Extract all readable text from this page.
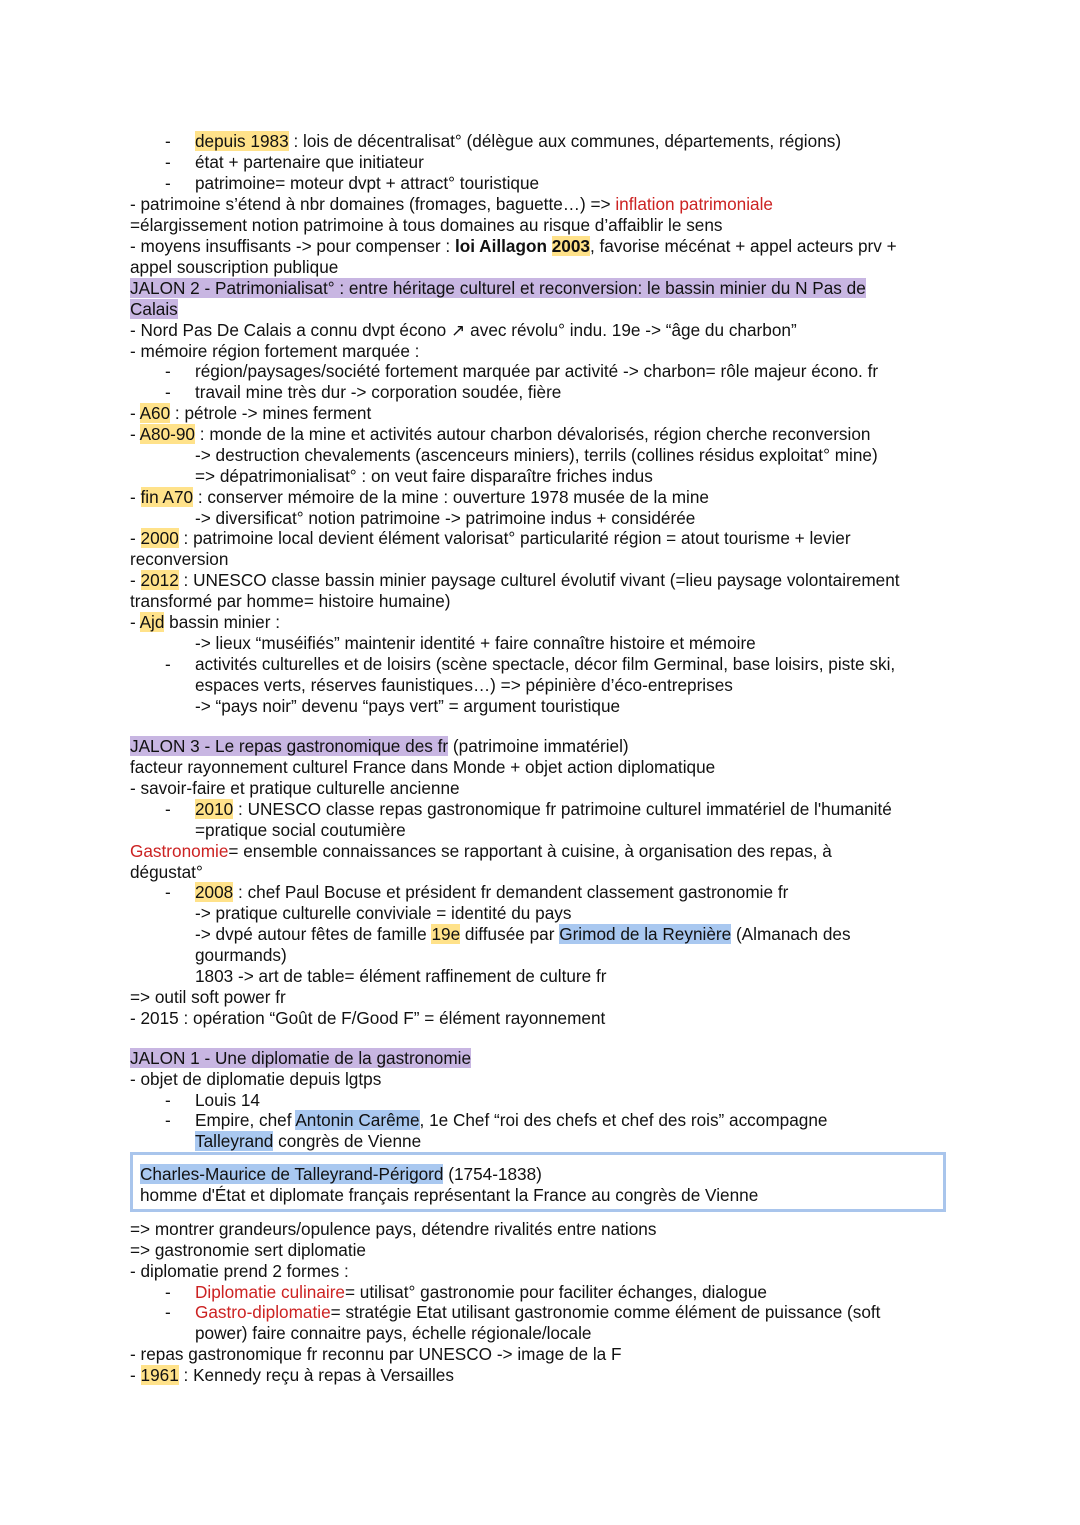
- depuis 1983 : lois de décentralisat° (délègue aux communes, départements, régions)
- état + partenaire que initiateur
- patrimoine= moteur dvpt + attract° touristique
- patrimoine s’étend à nbr domaines (fromages, baguette…) => inflation patrimoniale
=élargissement notion patrimoine à tous domaines au risque d’affaiblir le sens
- moyens insuffisants -> pour compenser : loi Aillagon 2003, favorise mécénat + appel acteurs prv +
appel souscription publique
JALON 2 - Patrimonialisat° : entre héritage culturel et reconversion: le bassin minier du N Pas de
Calais
- Nord Pas De Calais a connu dvpt écono ↗ avec révolu° indu. 19e -> “âge du charbon”
- mémoire région fortement marquée :
- région/paysages/société fortement marquée par activité -> charbon= rôle majeur écono. fr
- travail mine très dur -> corporation soudée, fière
- A60 : pétrole -> mines ferment
- A80-90 : monde de la mine et activités autour charbon dévalorisés, région cherche reconversion
-> destruction chevalements (ascenceurs miniers), terrils (collines résidus exploitat° mine)
=> dépatrimonialisat° : on veut faire disparaître friches indus
- fin A70 : conserver mémoire de la mine : ouverture 1978 musée de la mine
-> diversificat° notion patrimoine -> patrimoine indus + considérée
- 2000 : patrimoine local devient élément valorisat° particularité région = atout tourisme + levier
reconversion
- 2012 : UNESCO classe bassin minier paysage culturel évolutif vivant (=lieu paysage volontairement
transformé par homme= histoire humaine)
- Ajd bassin minier :
-> lieux “muséifiés” maintenir identité + faire connaître histoire et mémoire
- activités culturelles et de loisirs (scène spectacle, décor film Germinal, base loisirs, piste ski,
espaces verts, réserves faunistiques…) => pépinière d’éco-entreprises
-> “pays noir” devenu “pays vert” = argument touristique
JALON 3 - Le repas gastronomique des fr (patrimoine immatériel)
facteur rayonnement culturel France dans Monde + objet action diplomatique
- savoir-faire et pratique culturelle ancienne
- 2010 : UNESCO classe repas gastronomique fr patrimoine culturel immatériel de l'humanité
=pratique social coutumière
Gastronomie= ensemble connaissances se rapportant à cuisine, à organisation des repas, à
dégustat°
- 2008 : chef Paul Bocuse et président fr demandent classement gastronomie fr
-> pratique culturelle conviviale = identité du pays
-> dvpé autour fêtes de famille 19e diffusée par Grimod de la Reynière (Almanach des
gourmands)
1803 -> art de table= élément raffinement de culture fr
=> outil soft power fr
- 2015 : opération “Goût de F/Good F” = élément rayonnement
JALON 1 - Une diplomatie de la gastronomie
- objet de diplomatie depuis lgtps
- Louis 14
- Empire, chef Antonin Carême, 1e Chef “roi des chefs et chef des rois” accompagne
Talleyrand congrès de Vienne
Charles-Maurice de Talleyrand-Périgord (1754-1838)
homme d'État et diplomate français représentant la France au congrès de Vienne
=> montrer grandeurs/opulence pays, détendre rivalités entre nations
=> gastronomie sert diplomatie
- diplomatie prend 2 formes :
- Diplomatie culinaire= utilisat° gastronomie pour faciliter échanges, dialogue
- Gastro-diplomatie= stratégie Etat utilisant gastronomie comme élément de puissance (soft
power) faire connaitre pays, échelle régionale/locale
- repas gastronomique fr reconnu par UNESCO -> image de la F
- 1961 : Kennedy reçu à repas à Versailles
